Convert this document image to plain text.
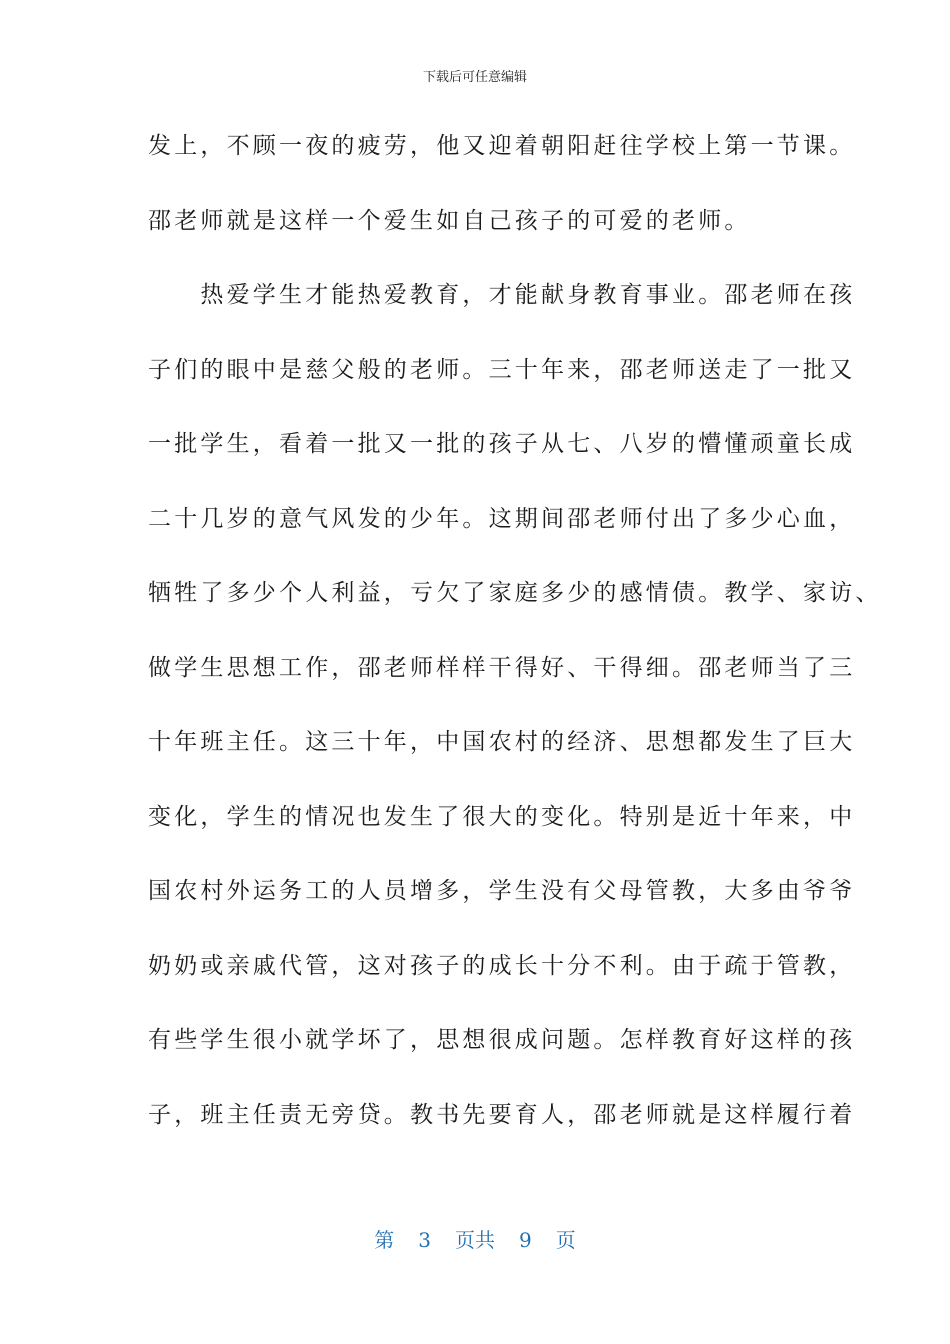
下载后可任意编辑
发上，不顾一夜的疲劳，他又迎着朝阳赶往学校上第一节课。
邵老师就是这样一个爱生如自己孩子的可爱的老师。
　　热爱学生才能热爱教育，才能献身教育事业。邵老师在孩
子们的眼中是慈父般的老师。三十年来，邵老师送走了一批又
一批学生，看着一批又一批的孩子从七、八岁的懵懂顽童长成
二十几岁的意气风发的少年。这期间邵老师付出了多少心血，
牺牲了多少个人利益，亏欠了家庭多少的感情债。教学、家访、
做学生思想工作，邵老师样样干得好、干得细。邵老师当了三
十年班主任。这三十年，中国农村的经济、思想都发生了巨大
变化，学生的情况也发生了很大的变化。特别是近十年来，中
国农村外运务工的人员增多，学生没有父母管教，大多由爷爷
奶奶或亲戚代管，这对孩子的成长十分不利。由于疏于管教，
有些学生很小就学坏了，思想很成问题。怎样教育好这样的孩
子，班主任责无旁贷。教书先要育人，邵老师就是这样履行着
第 3 页共 9 页
